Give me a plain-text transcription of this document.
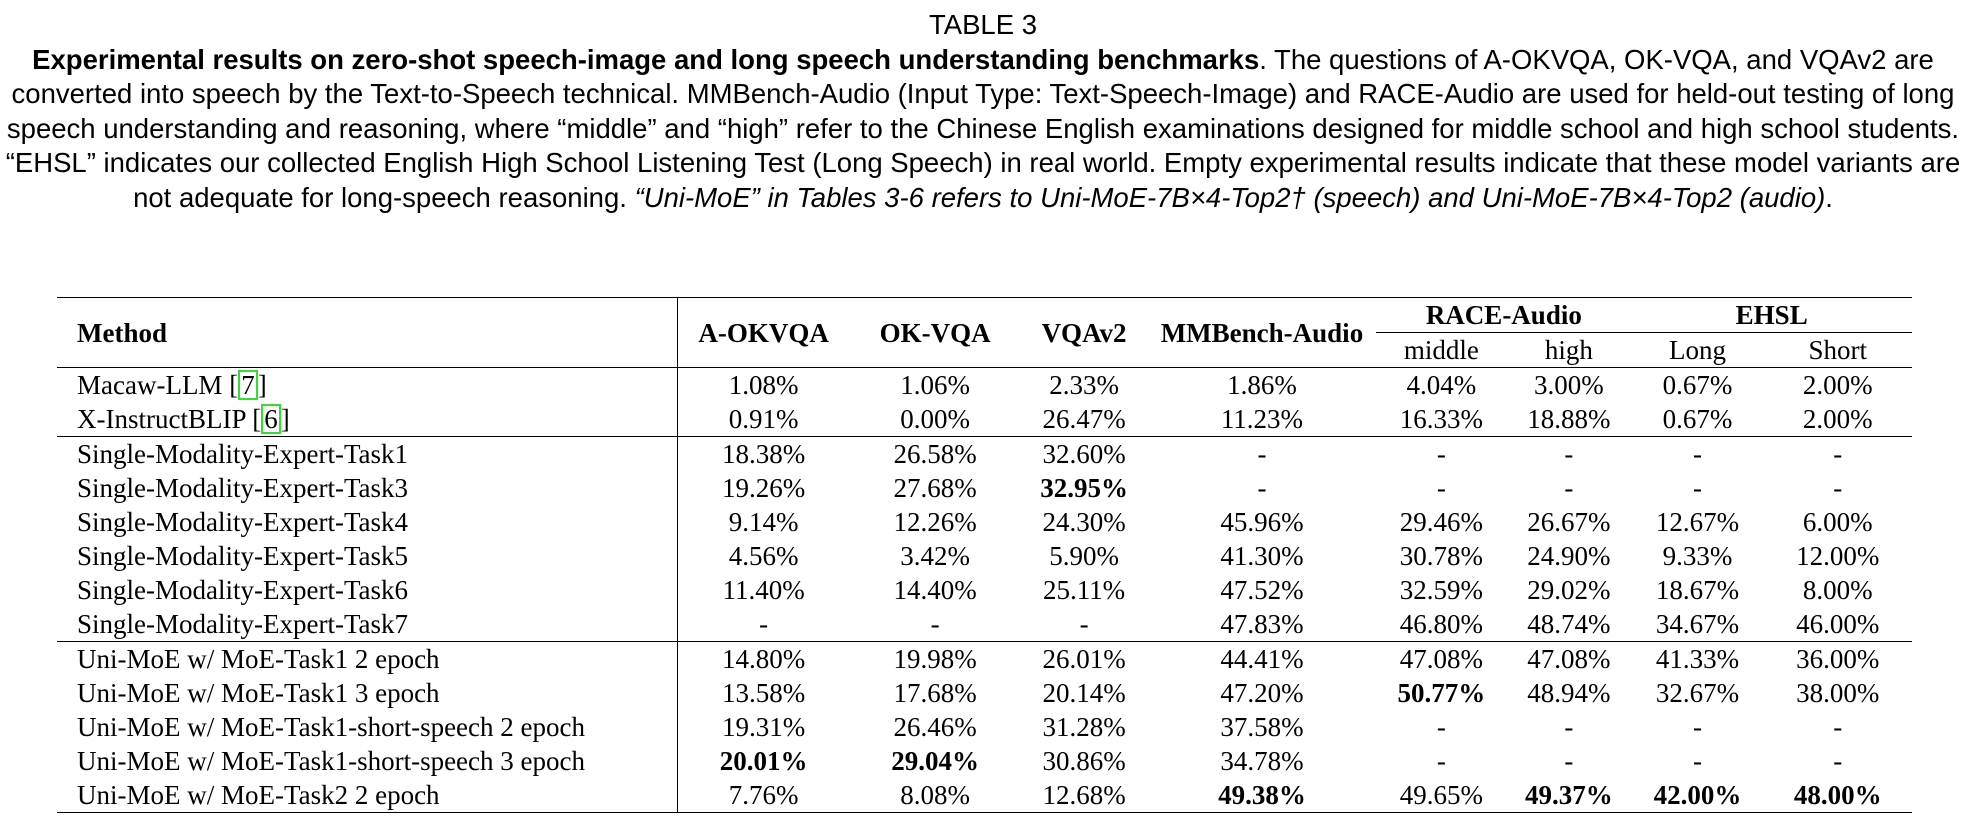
TABLE 3
Experimental results on zero-shot speech-image and long speech understanding benchmarks. The questions of A-OKVQA, OK-VQA, and VQAv2 are converted into speech by the Text-to-Speech technical. MMBench-Audio (Input Type: Text-Speech-Image) and RACE-Audio are used for held-out testing of long speech understanding and reasoning, where “middle” and “high” refer to the Chinese English examinations designed for middle school and high school students. “EHSL” indicates our collected English High School Listening Test (Long Speech) in real world. Empty experimental results indicate that these model variants are not adequate for long-speech reasoning. “Uni-MoE” in Tables 3-6 refers to Uni-MoE-7B×4-Top2† (speech) and Uni-MoE-7B×4-Top2 (audio).
Method	A-OKVQA	OK-VQA	VQAv2	MMBench-Audio	RACE-Audio		EHSL	
					middle	high	Long	Short
Macaw-LLM [ 7 ]	1.08%	1.06%	2.33%	1.86%	4.04%	3.00%	0.67%	2.00%
X-InstructBLIP [ 6 ]	0.91%	0.00%	26.47%	11.23%	16.33%	18.88%	0.67%	2.00%
Single-Modality-Expert-Task1	18.38%	26.58%	32.60%	-	-	-	-	-
Single-Modality-Expert-Task3	19.26%	27.68%	32.95%	-	-	-	-	-
Single-Modality-Expert-Task4	9.14%	12.26%	24.30%	45.96%	29.46%	26.67%	12.67%	6.00%
Single-Modality-Expert-Task5	4.56%	3.42%	5.90%	41.30%	30.78%	24.90%	9.33%	12.00%
Single-Modality-Expert-Task6	11.40%	14.40%	25.11%	47.52%	32.59%	29.02%	18.67%	8.00%
Single-Modality-Expert-Task7	-	-	-	47.83%	46.80%	48.74%	34.67%	46.00%
Uni-MoE w/ MoE-Task1 2 epoch	14.80%	19.98%	26.01%	44.41%	47.08%	47.08%	41.33%	36.00%
Uni-MoE w/ MoE-Task1 3 epoch	13.58%	17.68%	20.14%	47.20%	50.77%	48.94%	32.67%	38.00%
Uni-MoE w/ MoE-Task1-short-speech 2 epoch	19.31%	26.46%	31.28%	37.58%	-	-	-	-
Uni-MoE w/ MoE-Task1-short-speech 3 epoch	20.01%	29.04%	30.86%	34.78%	-	-	-	-
Uni-MoE w/ MoE-Task2 2 epoch	7.76%	8.08%	12.68%	49.38%	49.65%	49.37%	42.00%	48.00%
